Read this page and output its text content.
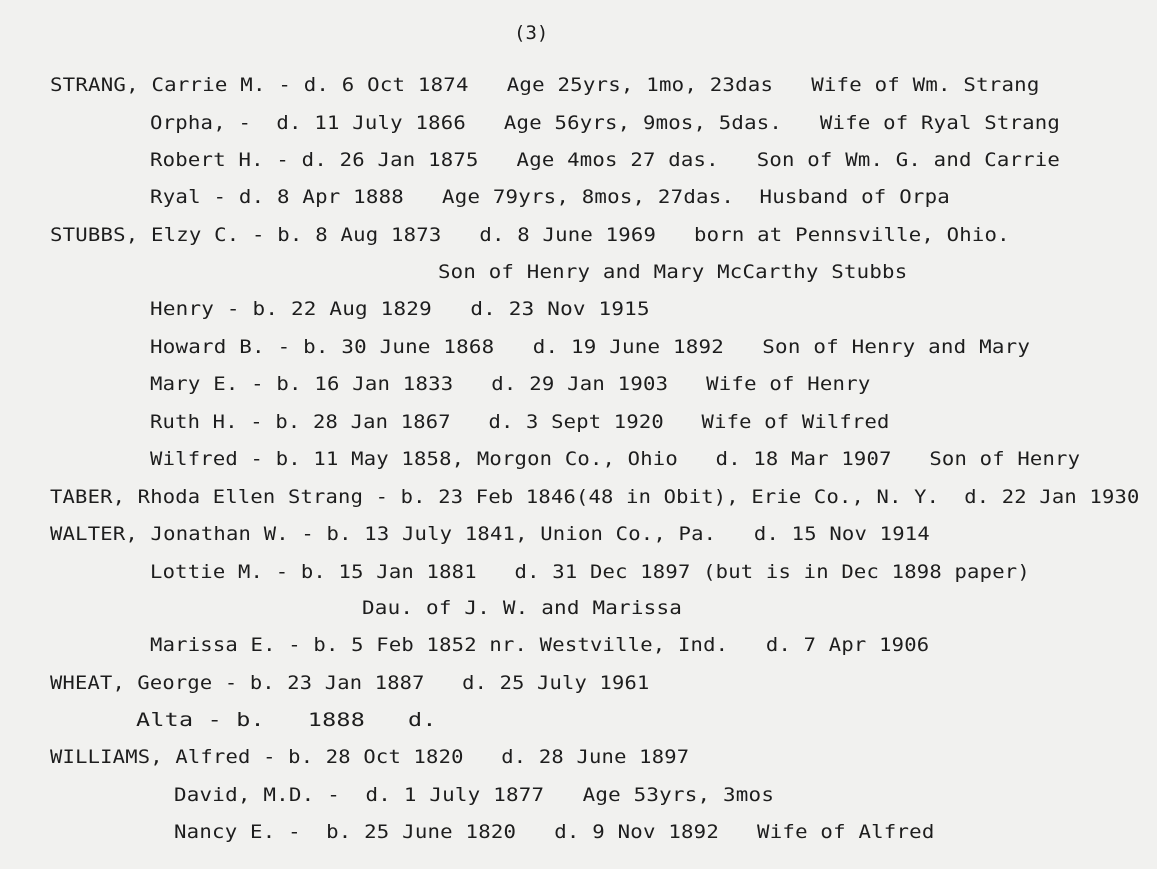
(3)
STRANG, Carrie M. - d. 6 Oct 1874   Age 25yrs, 1mo, 23das   Wife of Wm. Strang
Orpha, -  d. 11 July 1866   Age 56yrs, 9mos, 5das.   Wife of Ryal Strang
Robert H. - d. 26 Jan 1875   Age 4mos 27 das.   Son of Wm. G. and Carrie
Ryal - d. 8 Apr 1888   Age 79yrs, 8mos, 27das.  Husband of Orpa
STUBBS, Elzy C. - b. 8 Aug 1873   d. 8 June 1969   born at Pennsville, Ohio.
Son of Henry and Mary McCarthy Stubbs
Henry - b. 22 Aug 1829   d. 23 Nov 1915
Howard B. - b. 30 June 1868   d. 19 June 1892   Son of Henry and Mary
Mary E. - b. 16 Jan 1833   d. 29 Jan 1903   Wife of Henry
Ruth H. - b. 28 Jan 1867   d. 3 Sept 1920   Wife of Wilfred
Wilfred - b. 11 May 1858, Morgon Co., Ohio   d. 18 Mar 1907   Son of Henry
TABER, Rhoda Ellen Strang - b. 23 Feb 1846(48 in Obit), Erie Co., N. Y.  d. 22 Jan 1930
WALTER, Jonathan W. - b. 13 July 1841, Union Co., Pa.   d. 15 Nov 1914
Lottie M. - b. 15 Jan 1881   d. 31 Dec 1897 (but is in Dec 1898 paper)
Dau. of J. W. and Marissa
Marissa E. - b. 5 Feb 1852 nr. Westville, Ind.   d. 7 Apr 1906
WHEAT, George - b. 23 Jan 1887   d. 25 July 1961
Alta - b.   1888   d.
WILLIAMS, Alfred - b. 28 Oct 1820   d. 28 June 1897
David, M.D. -  d. 1 July 1877   Age 53yrs, 3mos
Nancy E. -  b. 25 June 1820   d. 9 Nov 1892   Wife of Alfred
